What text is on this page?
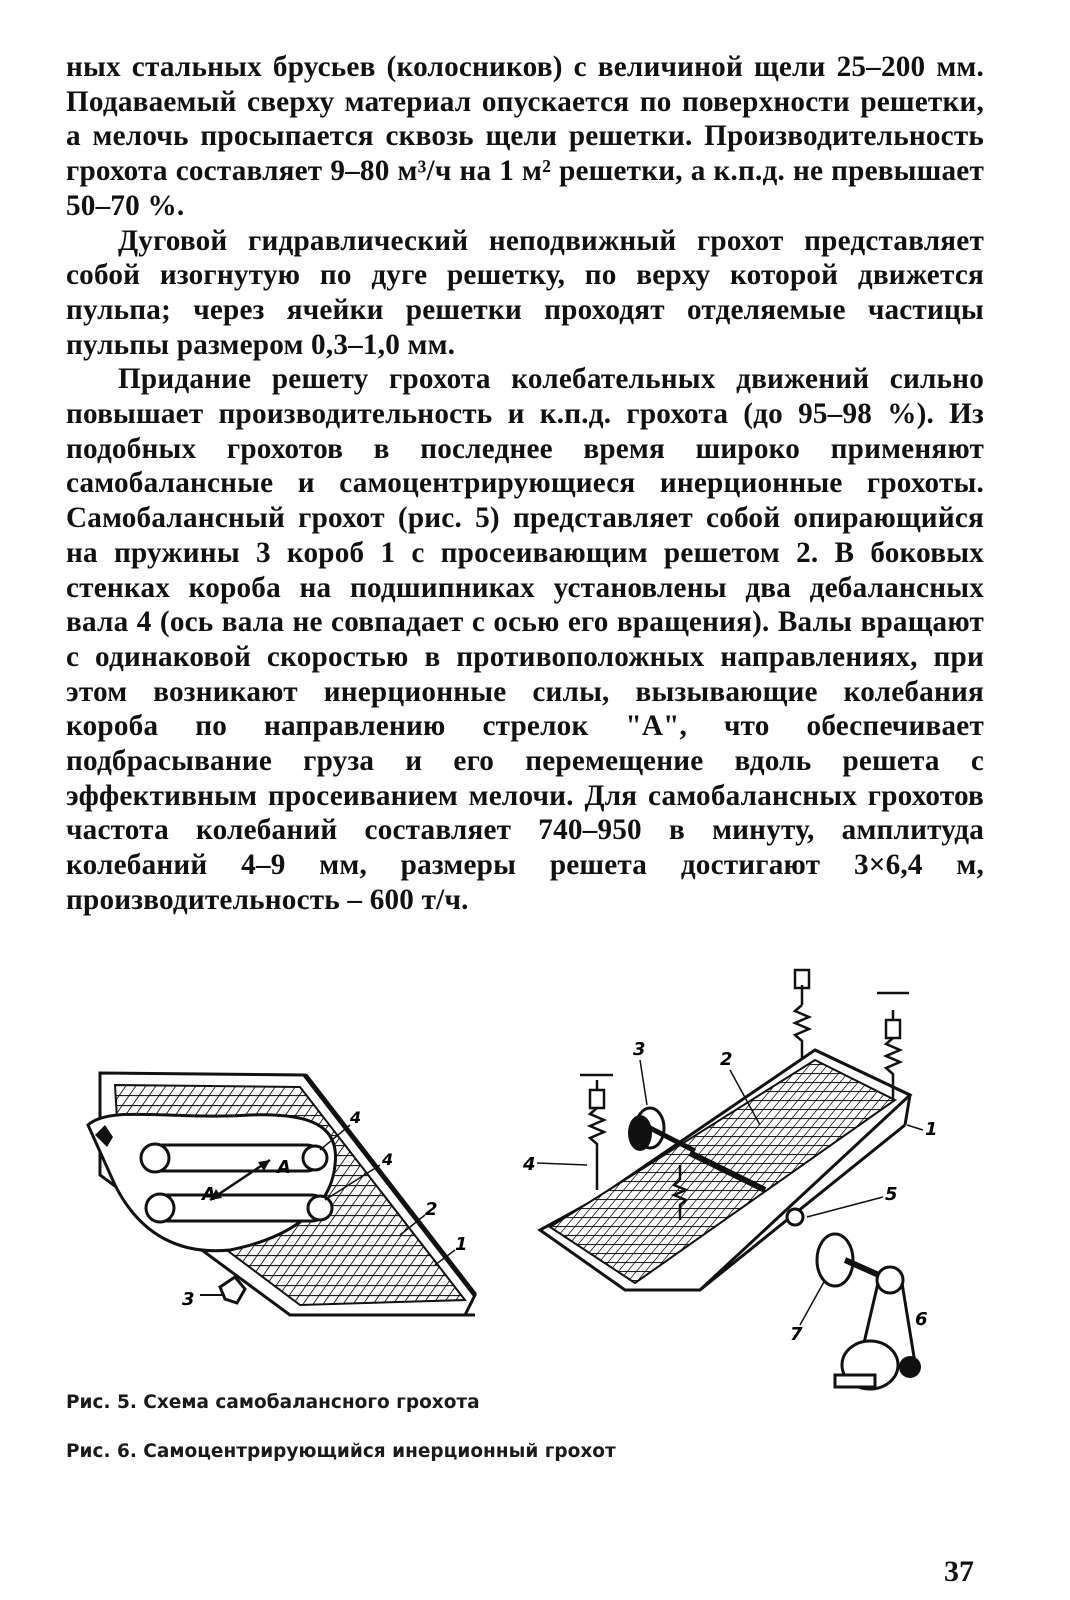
ных стальных брусьев (колосников) с величиной щели 25–200 мм. Подаваемый сверху материал опускается по поверхности решетки, а мелочь просыпается сквозь щели решетки. Производительность грохота составляет 9–80 м³/ч на 1 м² решетки, а к.п.д. не превышает 50–70 %.

Дуговой гидравлический неподвижный грохот представляет собой изогнутую по дуге решетку, по верху которой движется пульпа; через ячейки решетки проходят отделяемые частицы пульпы размером 0,3–1,0 мм.

Придание решету грохота колебательных движений сильно повышает производительность и к.п.д. грохота (до 95–98 %). Из подобных грохотов в последнее время широко применяют самобалансные и самоцентрирующиеся инерционные грохоты. Самобалансный грохот (рис. 5) представляет собой опирающийся на пружины 3 короб 1 с просеивающим решетом 2. В боковых стенках короба на подшипниках установлены два дебалансных вала 4 (ось вала не совпадает с осью его вращения). Валы вращают с одинаковой скоростью в противоположных направлениях, при этом возникают инерционные силы, вызывающие колебания короба по направлению стрелок "А", что обеспечивает подбрасывание груза и его перемещение вдоль решета с эффективным просеиванием мелочи. Для самобалансных грохотов частота колебаний составляет 740–950 в минуту, амплитуда колебаний 4–9 мм, размеры решета достигают 3×6,4 м, производительность – 600 т/ч.

А
А
3
4
4
2
1
3	2
4
1
5
6
7
Рис. 5. Схема самобалансного грохота
Рис. 6. Самоцентрирующийся инерционный грохот
37
